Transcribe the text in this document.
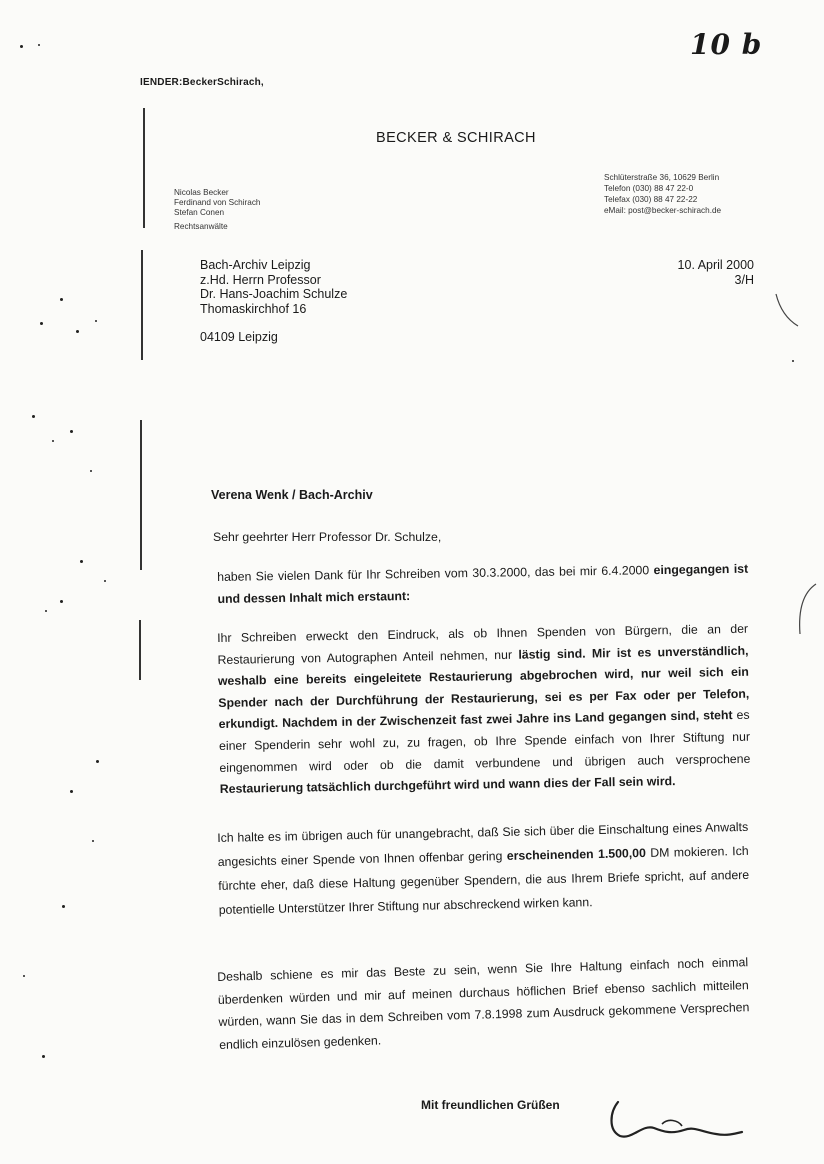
IENDER:BeckerSchirach,
10 b
BECKER & SCHIRACH
Nicolas Becker
Ferdinand von Schirach
Stefan Conen
Rechtsanwälte
Schlüterstraße 36, 10629 Berlin
Telefon (030) 88 47 22-0
Telefax (030) 88 47 22-22
eMail: post@becker-schirach.de
Bach-Archiv Leipzig
z.Hd. Herrn Professor
Dr. Hans-Joachim Schulze
Thomaskirchhof 16
04109 Leipzig
10. April 2000
3/H
Verena Wenk / Bach-Archiv
Sehr geehrter Herr Professor Dr. Schulze,
haben Sie vielen Dank für Ihr Schreiben vom 30.3.2000, das bei mir 6.4.2000 eingegangen ist und dessen Inhalt mich erstaunt:
Ihr Schreiben erweckt den Eindruck, als ob Ihnen Spenden von Bürgern, die an der Restaurierung von Autographen Anteil nehmen, nur lästig sind. Mir ist es unverständlich, weshalb eine bereits eingeleitete Restaurierung abgebrochen wird, nur weil sich ein Spender nach der Durchführung der Restaurierung, sei es per Fax oder per Telefon, erkundigt. Nachdem in der Zwischenzeit fast zwei Jahre ins Land gegangen sind, steht es einer Spenderin sehr wohl zu, zu fragen, ob Ihre Spende einfach von Ihrer Stiftung nur eingenommen wird oder ob die damit verbundene und übrigen auch versprochene Restaurierung tatsächlich durchgeführt wird und wann dies der Fall sein wird.
Ich halte es im übrigen auch für unangebracht, daß Sie sich über die Einschaltung eines Anwalts angesichts einer Spende von Ihnen offenbar gering erscheinenden 1.500,00 DM mokieren. Ich fürchte eher, daß diese Haltung gegenüber Spendern, die aus Ihrem Briefe spricht, auf andere potentielle Unterstützer Ihrer Stiftung nur abschreckend wirken kann.
Deshalb schiene es mir das Beste zu sein, wenn Sie Ihre Haltung einfach noch einmal überdenken würden und mir auf meinen durchaus höflichen Brief ebenso sachlich mitteilen würden, wann Sie das in dem Schreiben vom 7.8.1998 zum Ausdruck gekommene Versprechen endlich einzulösen gedenken.
Mit freundlichen Grüßen
